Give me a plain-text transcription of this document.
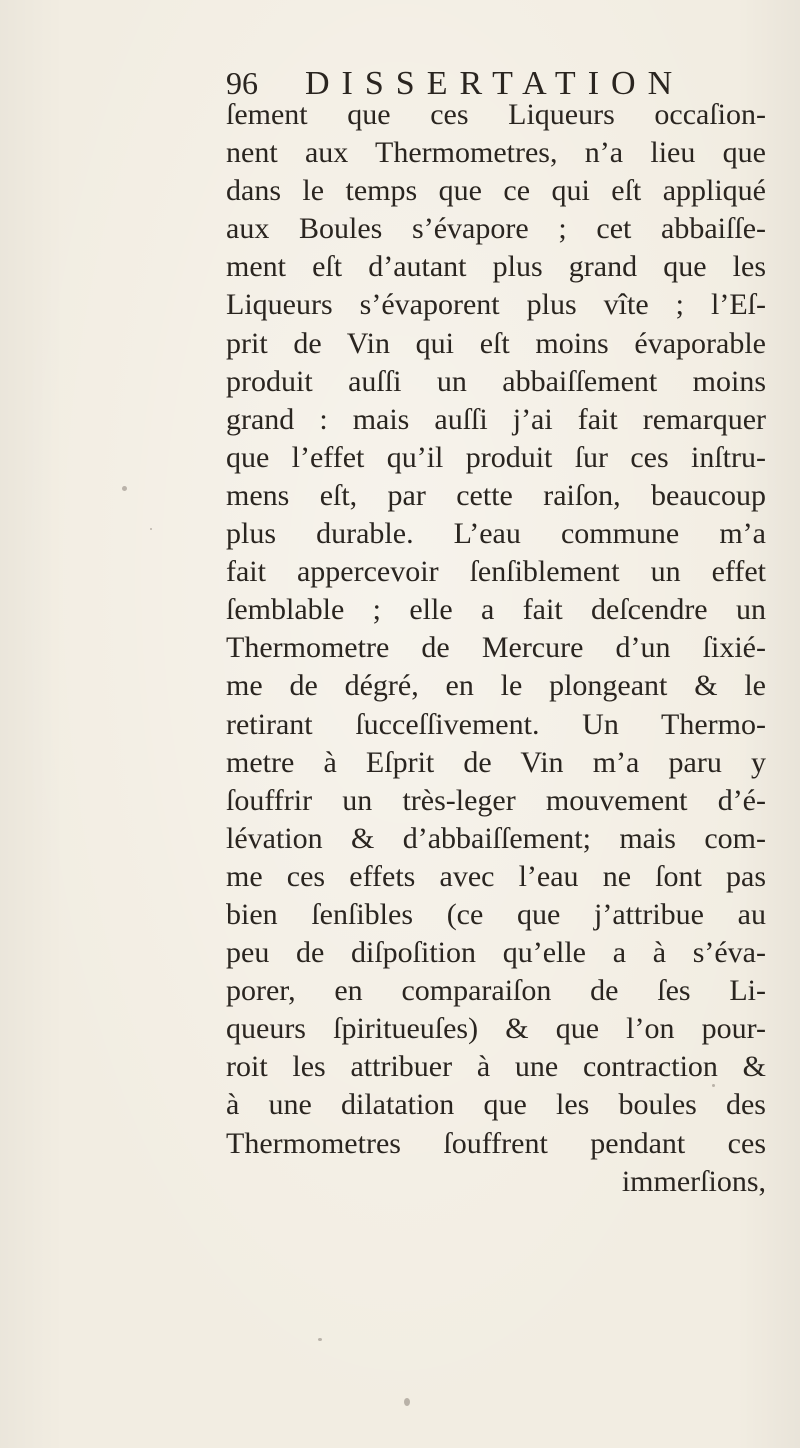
96 DISSERTATION
ſement que ces Liqueurs occaſion-
nent aux Thermometres, n’a lieu que
dans le temps que ce qui eſt appliqué
aux Boules s’évapore ; cet abbaiſſe-
ment eſt d’autant plus grand que les
Liqueurs s’évaporent plus vîte ; l’Eſ-
prit de Vin qui eſt moins évaporable
produit auſſi un abbaiſſement moins
grand : mais auſſi j’ai fait remarquer
que l’effet qu’il produit ſur ces inſtru-
mens eſt, par cette raiſon, beaucoup
plus durable. L’eau commune m’a
fait appercevoir ſenſiblement un effet
ſemblable ; elle a fait deſcendre un
Thermometre de Mercure d’un ſixié-
me de dégré, en le plongeant & le
retirant ſucceſſivement. Un Thermo-
metre à Eſprit de Vin m’a paru y
ſouffrir un très-leger mouvement d’é-
lévation & d’abbaiſſement; mais com-
me ces effets avec l’eau ne ſont pas
bien ſenſibles (ce que j’attribue au
peu de diſpoſition qu’elle a à s’éva-
porer, en comparaiſon de ſes Li-
queurs ſpiritueuſes) & que l’on pour-
roit les attribuer à une contraction &
à une dilatation que les boules des
Thermometres ſouffrent pendant ces
immerſions,
